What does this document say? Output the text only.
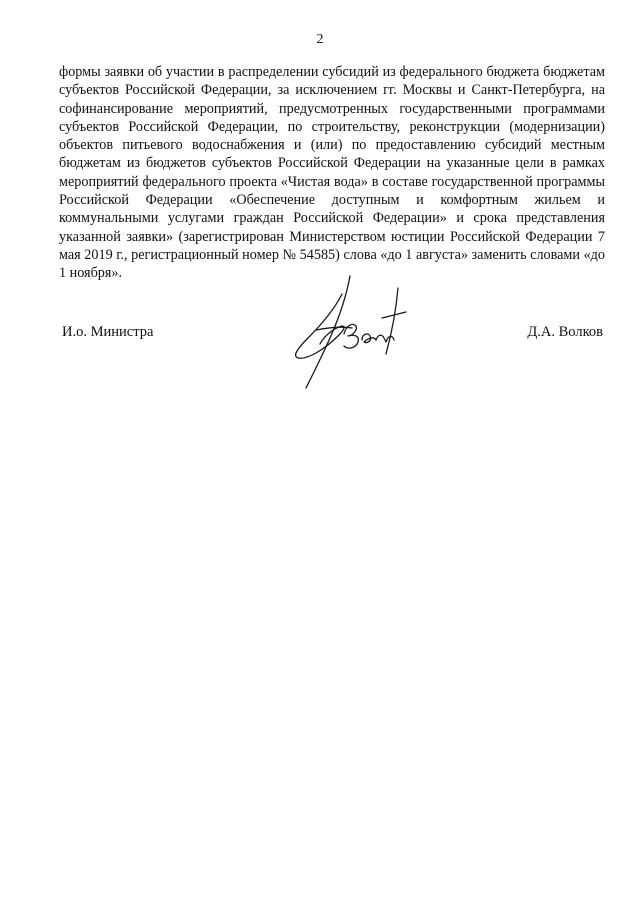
2

формы заявки об участии в распределении субсидий из федерального бюджета бюджетам субъектов Российской Федерации, за исключением гг. Москвы и Санкт-Петербурга, на софинансирование мероприятий, предусмотренных государственными программами субъектов Российской Федерации, по строительству, реконструкции (модернизации) объектов питьевого водоснабжения и (или) по предоставлению субсидий местным бюджетам из бюджетов субъектов Российской Федерации на указанные цели в рамках мероприятий федерального проекта «Чистая вода» в составе государственной программы Российской Федерации «Обеспечение доступным и комфортным жильем и коммунальными услугами граждан Российской Федерации» и срока представления указанной заявки» (зарегистрирован Министерством юстиции Российской Федерации 7 мая 2019 г., регистрационный номер № 54585) слова «до 1 августа» заменить словами «до 1 ноября».

И.о. Министра	Д.А. Волков
